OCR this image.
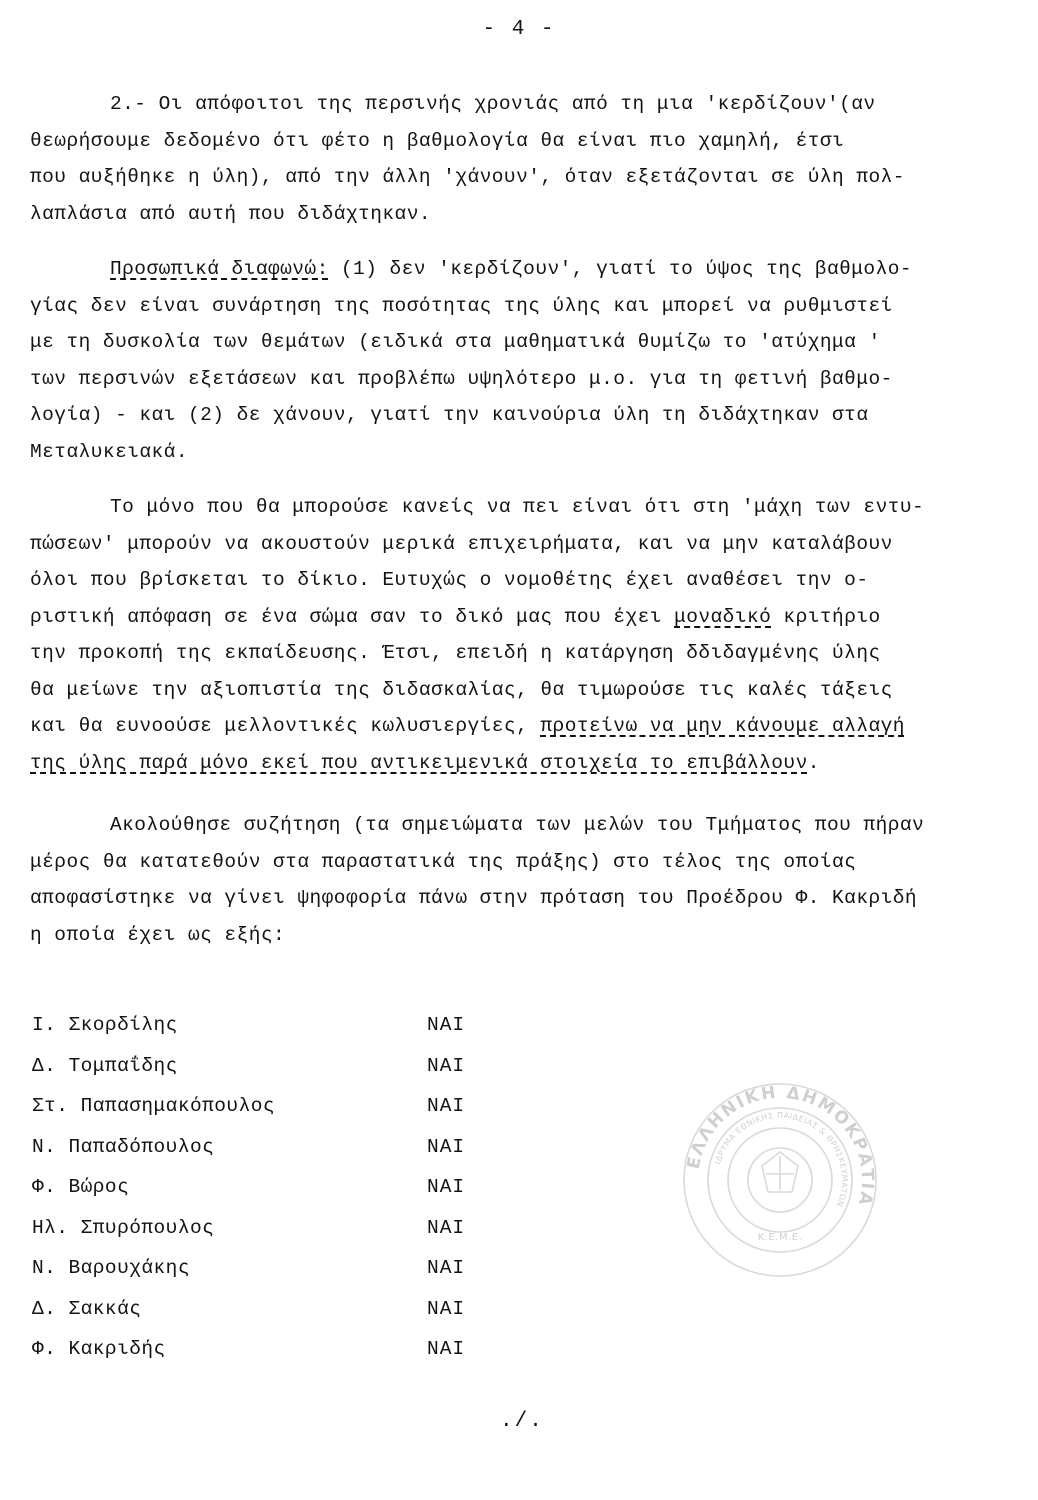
- 4 -
2.- Οι απόφοιτοι της περσινής χρονιάς από τη μια 'κερδίζουν'(αν
θεωρήσουμε δεδομένο ότι φέτο η βαθμολογία θα είναι πιο χαμηλή, έτσι
που αυξήθηκε η ύλη), από την άλλη 'χάνουν', όταν εξετάζονται σε ύλη πολ-
λαπλάσια από αυτή που διδάχτηκαν.
Προσωπικά διαφωνώ: (1) δεν 'κερδίζουν', γιατί το ύψος της βαθμολο-
γίας δεν είναι συνάρτηση της ποσότητας της ύλης και μπορεί να ρυθμιστεί
με τη δυσκολία των θεμάτων (ειδικά στα μαθηματικά θυμίζω το 'ατύχημα '
των περσινών εξετάσεων και προβλέπω υψηλότερο μ.ο. για τη φετινή βαθμο-
λογία) - και (2) δε χάνουν, γιατί την καινούρια ύλη τη διδάχτηκαν στα
Μεταλυκειακά.
Το μόνο που θα μπορούσε κανείς να πει είναι ότι στη 'μάχη των εντυ-
πώσεων' μπορούν να ακουστούν μερικά επιχειρήματα, και να μην καταλάβουν
όλοι που βρίσκεται το δίκιο. Ευτυχώς ο νομοθέτης έχει αναθέσει την ο-
ριστική απόφαση σε ένα σώμα σαν το δικό μας που έχει μοναδικό κριτήριο
την προκοπή της εκπαίδευσης. Έτσι, επειδή η κατάργηση δδιδαγμένης ύλης
θα μείωνε την αξιοπιστία της διδασκαλίας, θα τιμωρούσε τις καλές τάξεις
και θα ευνοούσε μελλοντικές κωλυσιεργίες, προτείνω να μην κάνουμε αλλαγή
της ύλης παρά μόνο εκεί που αντικειμενικά στοιχεία το επιβάλλουν.
Ακολούθησε συζήτηση (τα σημειώματα των μελών του Τμήματος που πήραν
μέρος θα κατατεθούν στα παραστατικά της πράξης) στο τέλος της οποίας
αποφασίστηκε να γίνει ψηφοφορία πάνω στην πρόταση του Προέδρου Φ. Κακριδή
η οποία έχει ως εξής:
Ι. Σκορδίλης	ΝΑΙ
Δ. Τομπαΐδης	ΝΑΙ
Στ. Παπασημακόπουλος	ΝΑΙ
Ν. Παπαδόπουλος	ΝΑΙ
Φ. Βώρος	ΝΑΙ
Ηλ. Σπυρόπουλος	ΝΑΙ
Ν. Βαρουχάκης	ΝΑΙ
Δ. Σακκάς	ΝΑΙ
Φ. Κακριδής	ΝΑΙ
ΕΛΛΗΝΙΚΗ ΔΗΜΟΚΡΑΤΙΑ
ΙΔΡΥΜΑ ΕΘΝΙΚΗΣ ΠΑΙΔΕΙΑΣ & ΘΡΗΣΚΕΥΜΑΤΩΝ
Κ.Ε.Μ.Ε.
./.
